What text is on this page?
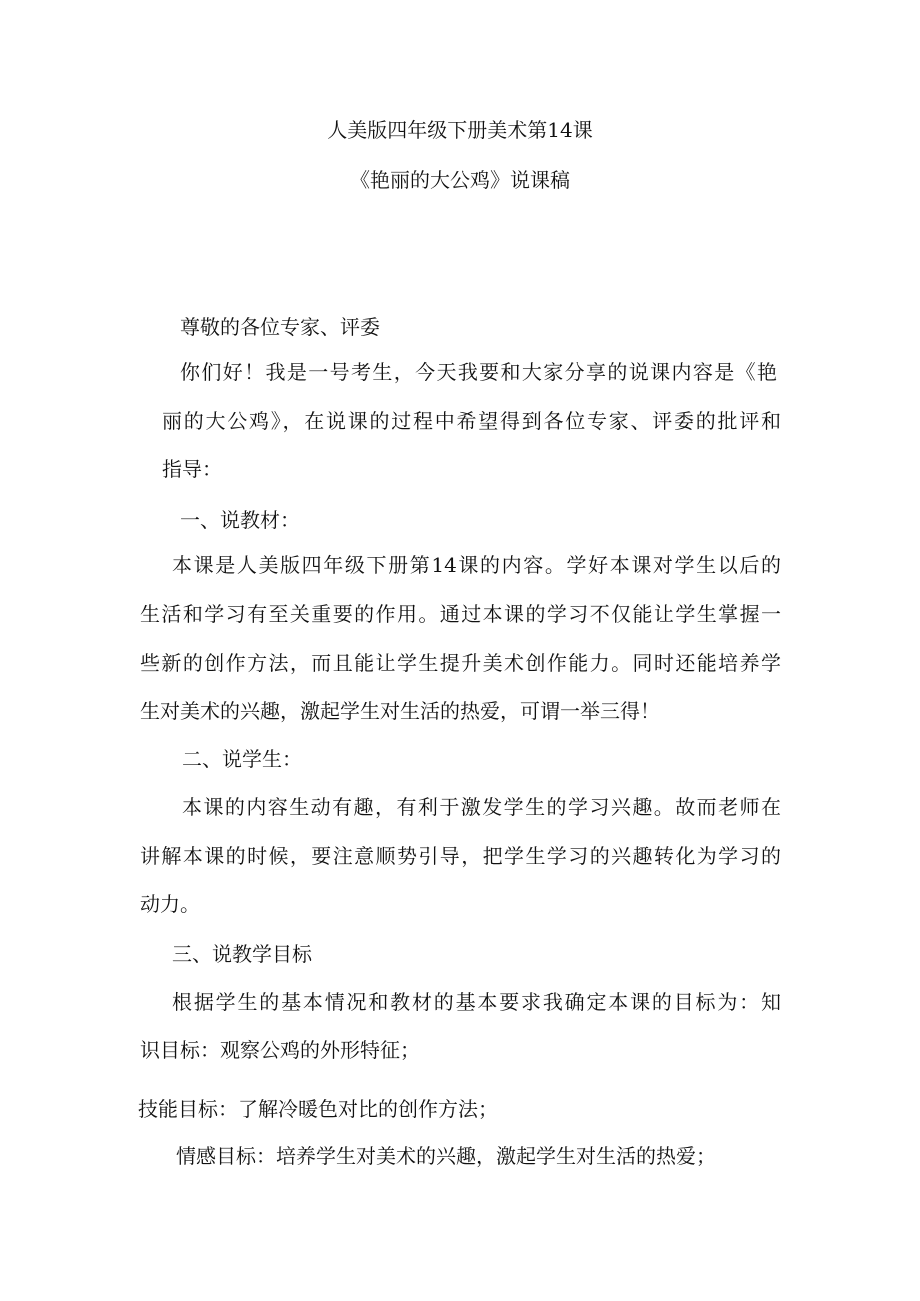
人美版四年级下册美术第14课
《艳丽的大公鸡》说课稿
尊敬的各位专家、评委
你们好！我是一号考生，今天我要和大家分享的说课内容是《艳
丽的大公鸡》，在说课的过程中希望得到各位专家、评委的批评和
指导：
一、说教材：
本课是人美版四年级下册第14课的内容。学好本课对学生以后的
生活和学习有至关重要的作用。通过本课的学习不仅能让学生掌握一
些新的创作方法，而且能让学生提升美术创作能力。同时还能培养学
生对美术的兴趣，激起学生对生活的热爱，可谓一举三得！
二、说学生：
本课的内容生动有趣，有利于激发学生的学习兴趣。故而老师在
讲解本课的时候，要注意顺势引导，把学生学习的兴趣转化为学习的
动力。
三、说教学目标
根据学生的基本情况和教材的基本要求我确定本课的目标为：知
识目标：观察公鸡的外形特征；
技能目标：了解冷暖色对比的创作方法；
情感目标：培养学生对美术的兴趣，激起学生对生活的热爱；
